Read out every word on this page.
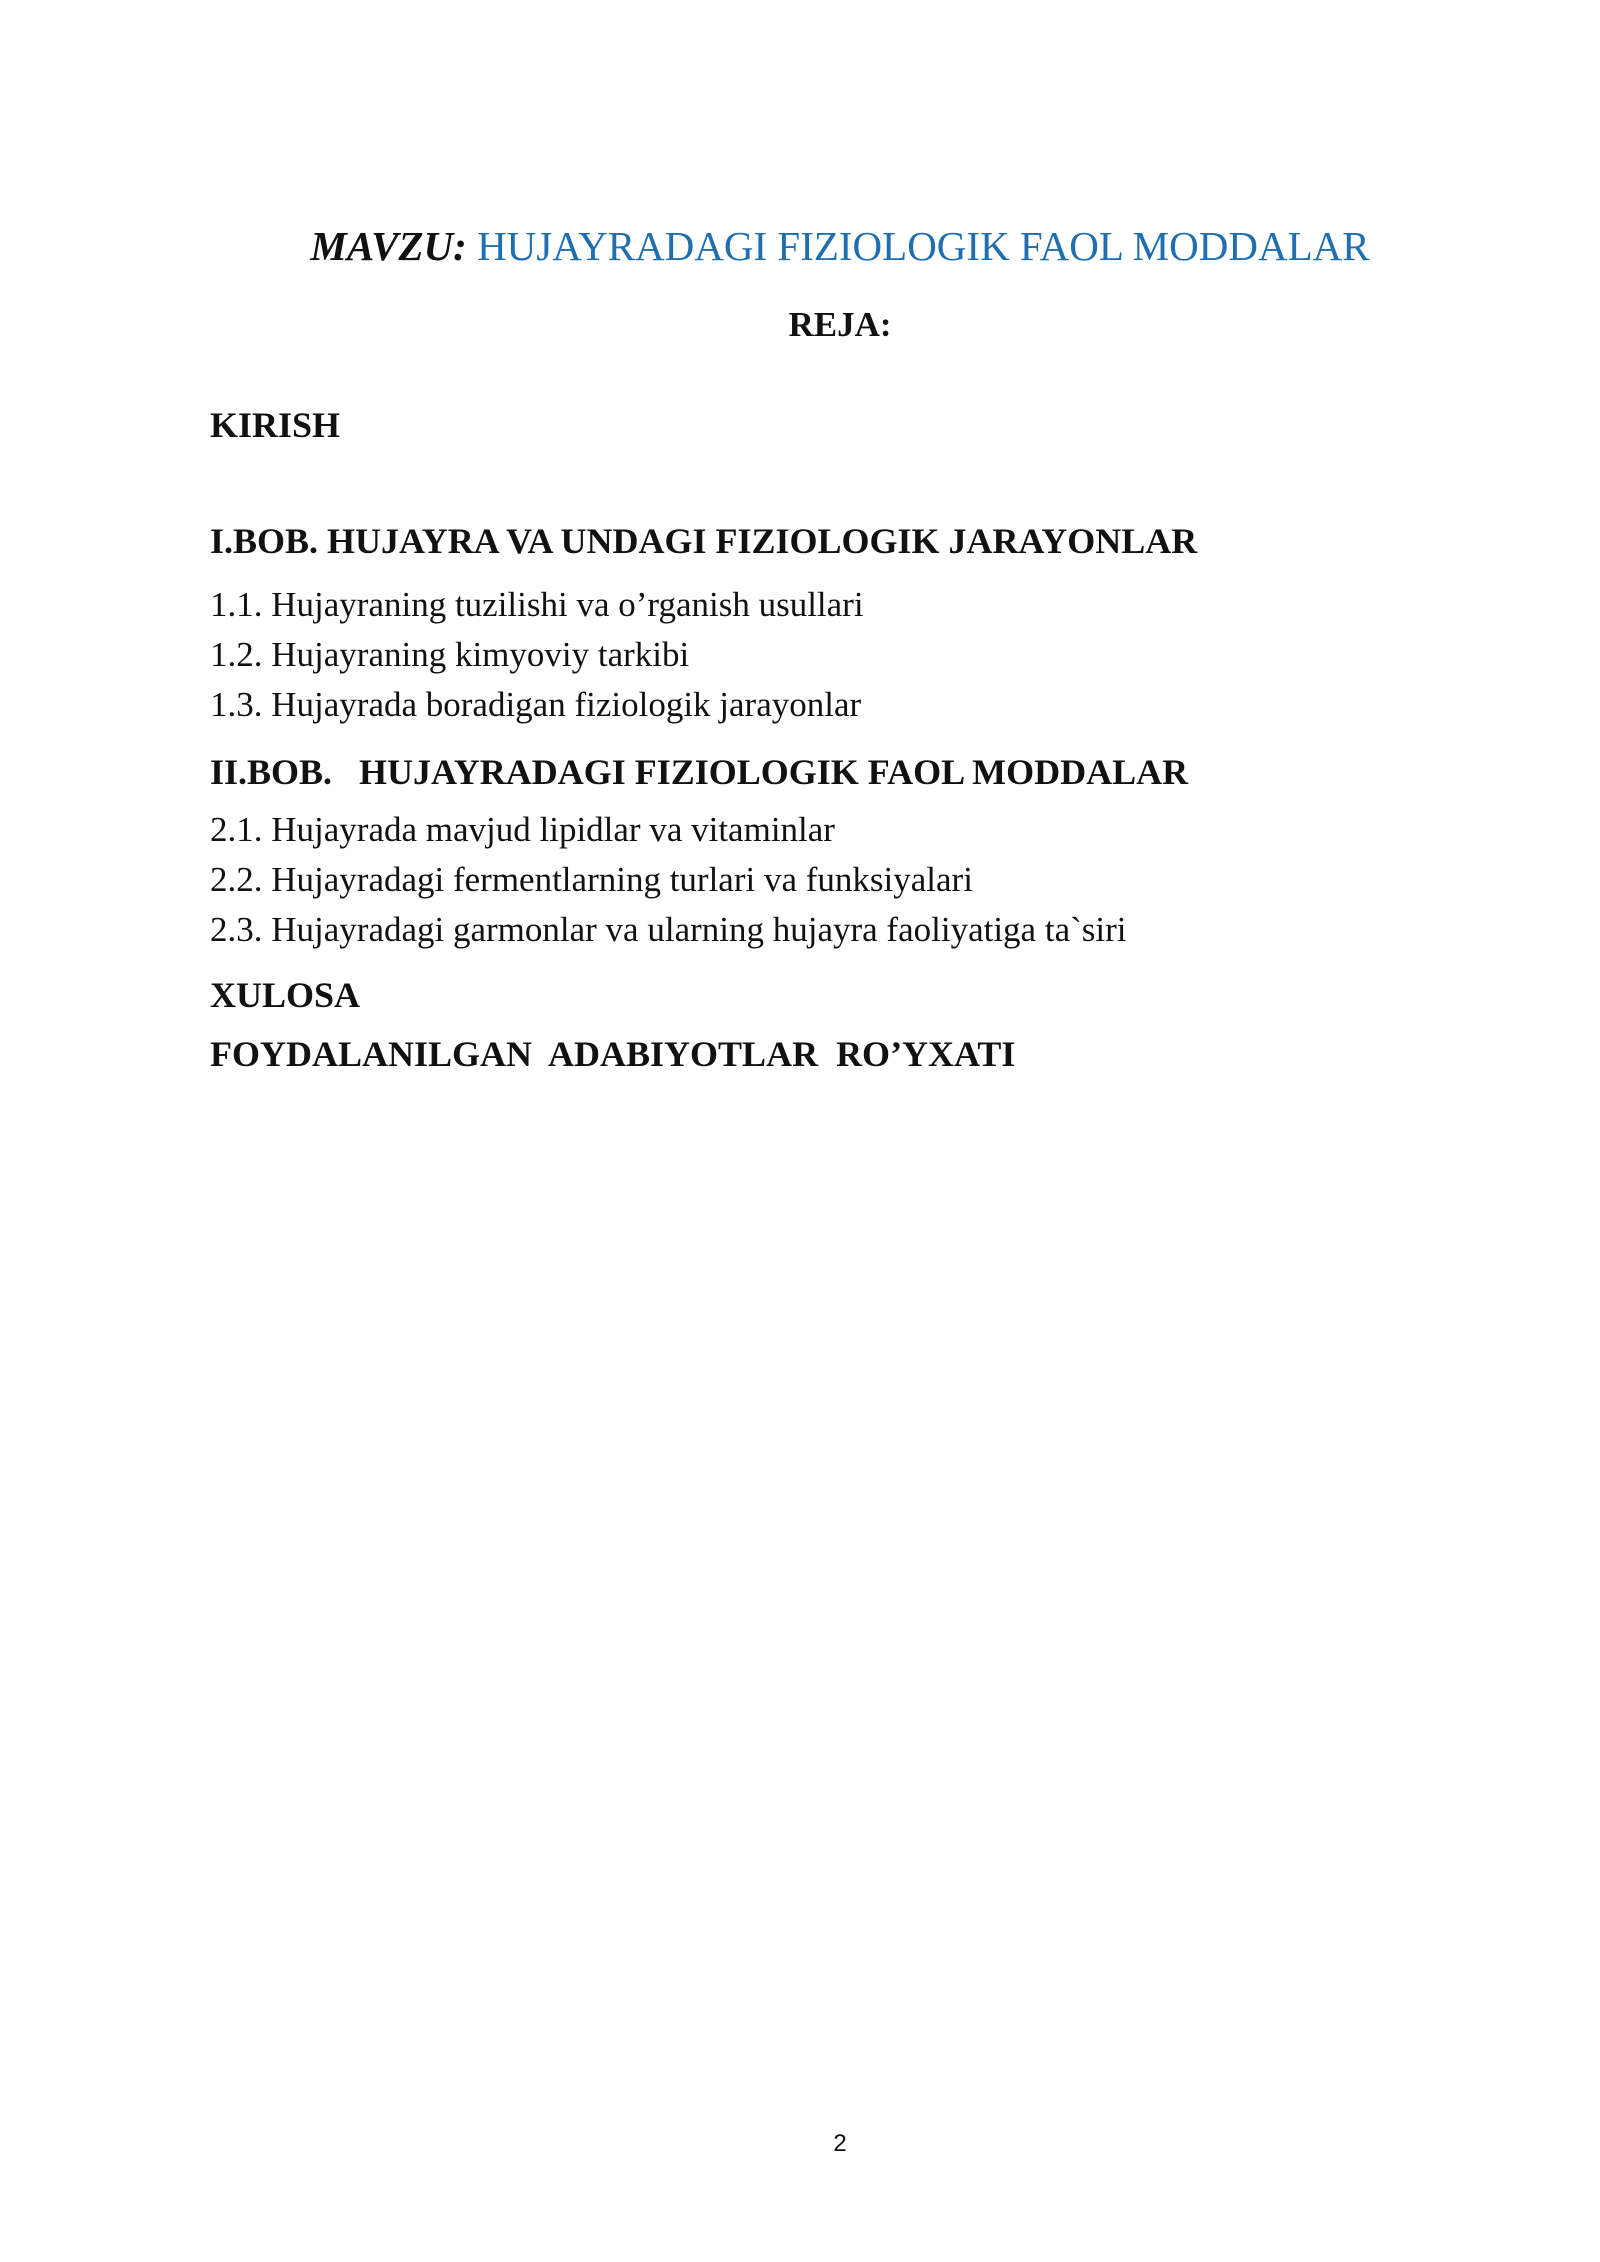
MAVZU: HUJAYRADAGI FIZIOLOGIK FAOL MODDALAR
REJA:
KIRISH
I.BOB. HUJAYRA VA UNDAGI FIZIOLOGIK JARAYONLAR
1.1. Hujayraning tuzilishi va o’rganish usullari
1.2. Hujayraning kimyoviy tarkibi
1.3. Hujayrada boradigan fiziologik jarayonlar
II.BOB.   HUJAYRADAGI FIZIOLOGIK FAOL MODDALAR
2.1. Hujayrada mavjud lipidlar va vitaminlar
2.2. Hujayradagi fermentlarning turlari va funksiyalari
2.3. Hujayradagi garmonlar va ularning hujayra faoliyatiga ta`siri
XULOSA
FOYDALANILGAN  ADABIYOTLAR  RO’YXATI
2
